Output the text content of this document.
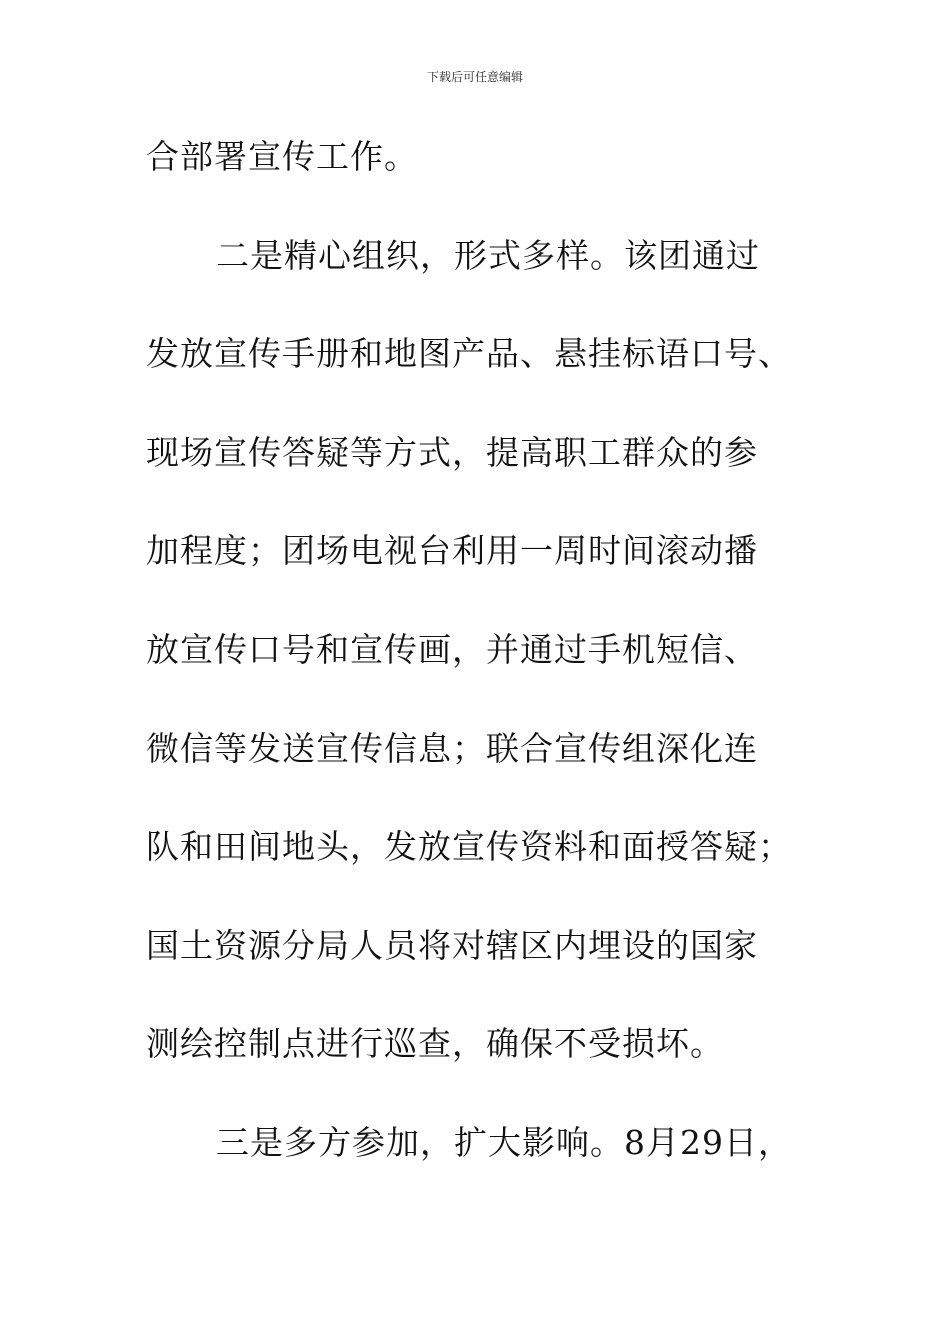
下载后可任意编辑
合部署宣传工作。
二是精心组织，形式多样。该团通过
发放宣传手册和地图产品、悬挂标语口号、
现场宣传答疑等方式，提高职工群众的参
加程度；团场电视台利用一周时间滚动播
放宣传口号和宣传画，并通过手机短信、
微信等发送宣传信息；联合宣传组深化连
队和田间地头，发放宣传资料和面授答疑；
国土资源分局人员将对辖区内埋设的国家
测绘控制点进行巡查，确保不受损坏。
三是多方参加，扩大影响。8月29日，
